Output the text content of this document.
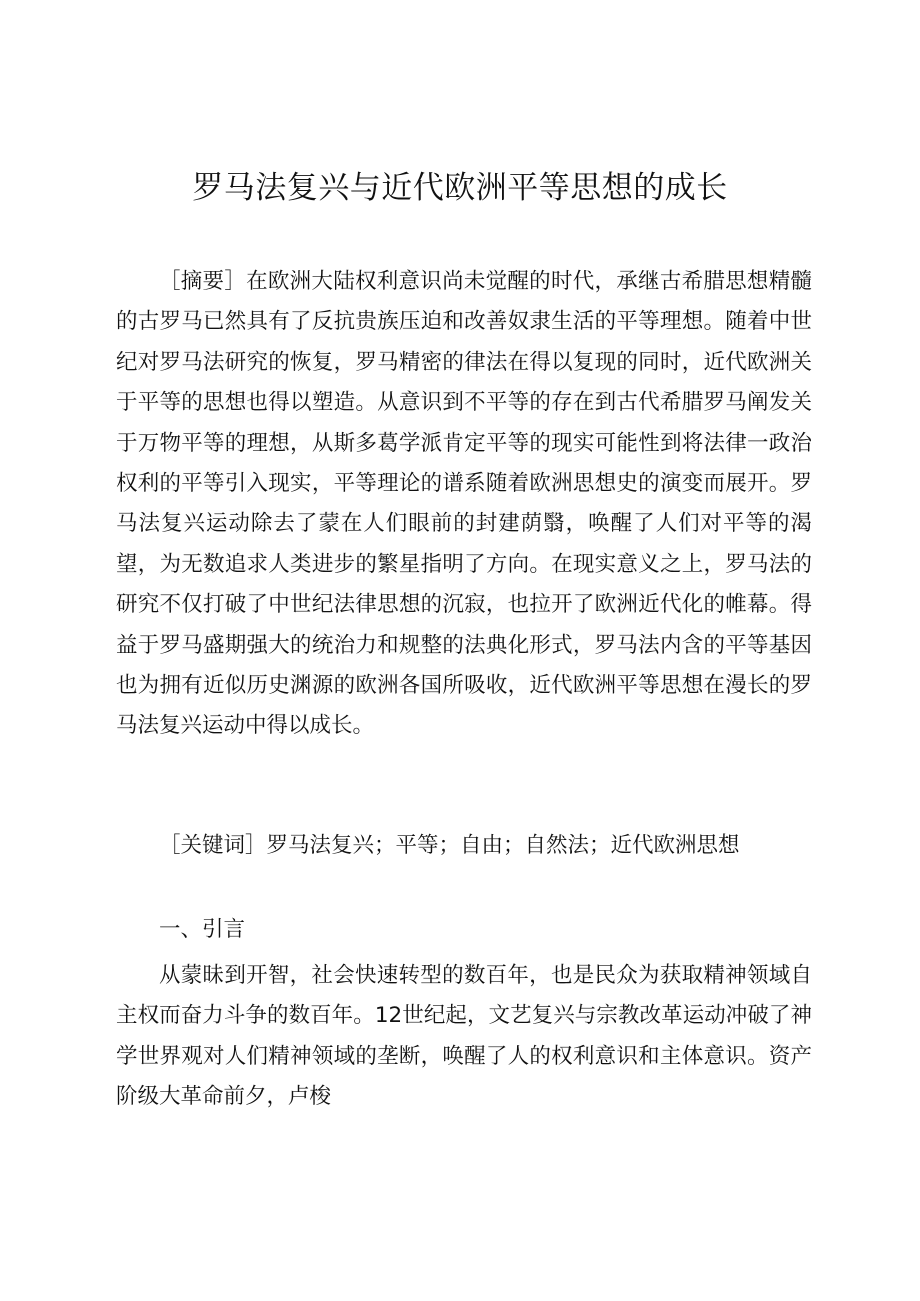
罗马法复兴与近代欧洲平等思想的成长

［摘要］在欧洲大陆权利意识尚未觉醒的时代，承继古希腊思想精髓的古罗马已然具有了反抗贵族压迫和改善奴隶生活的平等理想。随着中世纪对罗马法研究的恢复，罗马精密的律法在得以复现的同时，近代欧洲关于平等的思想也得以塑造。从意识到不平等的存在到古代希腊罗马阐发关于万物平等的理想，从斯多葛学派肯定平等的现实可能性到将法律一政治权利的平等引入现实，平等理论的谱系随着欧洲思想史的演变而展开。罗马法复兴运动除去了蒙在人们眼前的封建荫翳，唤醒了人们对平等的渴望，为无数追求人类进步的繁星指明了方向。在现实意义之上，罗马法的研究不仅打破了中世纪法律思想的沉寂，也拉开了欧洲近代化的帷幕。得益于罗马盛期强大的统治力和规整的法典化形式，罗马法内含的平等基因也为拥有近似历史渊源的欧洲各国所吸收，近代欧洲平等思想在漫长的罗马法复兴运动中得以成长。

［关键词］罗马法复兴；平等；自由；自然法；近代欧洲思想

一、引言

从蒙昧到开智，社会快速转型的数百年，也是民众为获取精神领域自主权而奋力斗争的数百年。12世纪起，文艺复兴与宗教改革运动冲破了神学世界观对人们精神领域的垄断，唤醒了人的权利意识和主体意识。资产阶级大革命前夕，卢梭
